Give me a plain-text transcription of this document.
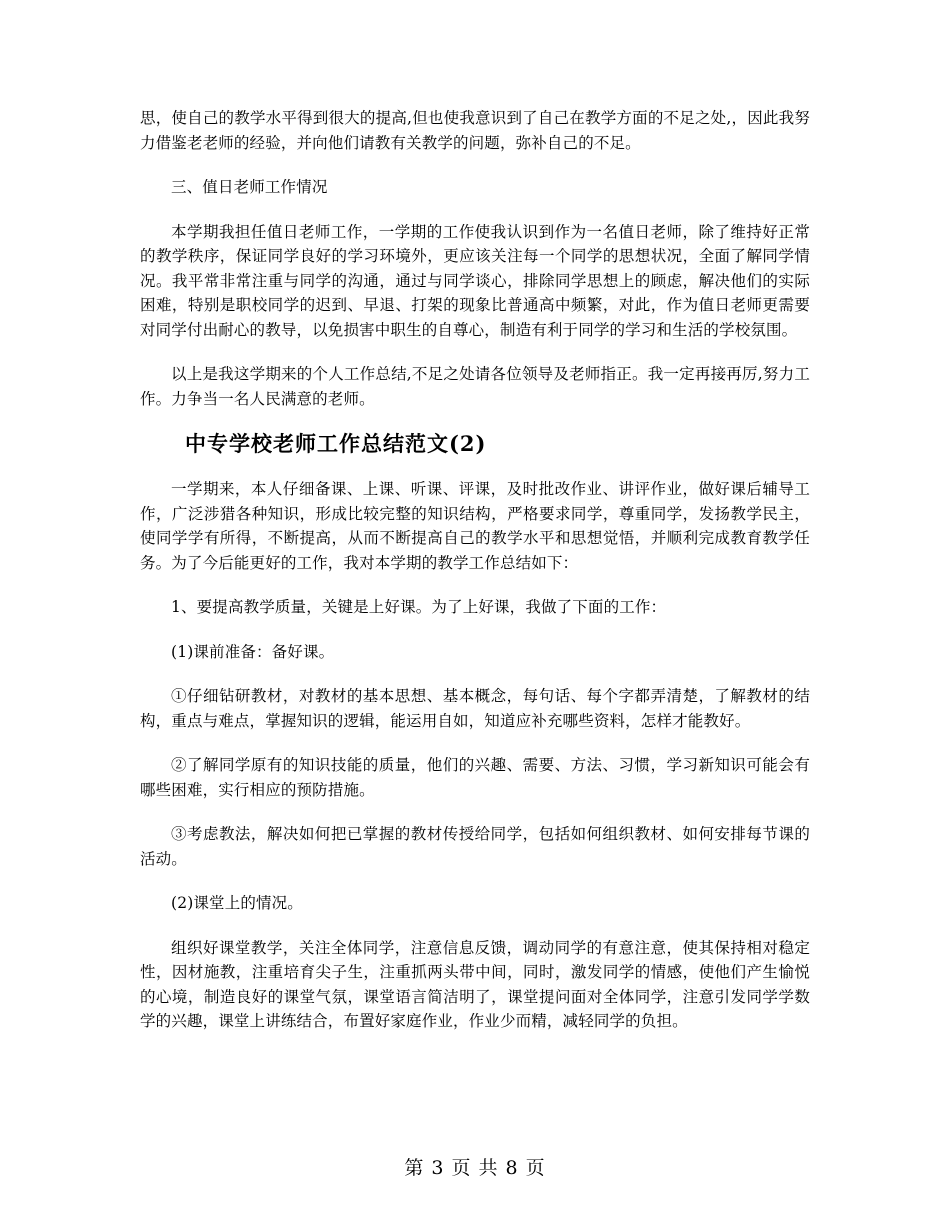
思，使自己的教学水平得到很大的提高,但也使我意识到了自己在教学方面的不足之处,，因此我努力借鉴老老师的经验，并向他们请教有关教学的问题，弥补自己的不足。

三、值日老师工作情况

本学期我担任值日老师工作，一学期的工作使我认识到作为一名值日老师，除了维持好正常的教学秩序，保证同学良好的学习环境外，更应该关注每一个同学的思想状况，全面了解同学情况。我平常非常注重与同学的沟通，通过与同学谈心，排除同学思想上的顾虑，解决他们的实际困难，特别是职校同学的迟到、早退、打架的现象比普通高中频繁，对此，作为值日老师更需要对同学付出耐心的教导，以免损害中职生的自尊心，制造有利于同学的学习和生活的学校氛围。

以上是我这学期来的个人工作总结,不足之处请各位领导及老师指正。我一定再接再厉,努力工作。力争当一名人民满意的老师。

中专学校老师工作总结范文(2)

一学期来，本人仔细备课、上课、听课、评课，及时批改作业、讲评作业，做好课后辅导工作，广泛涉猎各种知识，形成比较完整的知识结构，严格要求同学，尊重同学，发扬教学民主，使同学学有所得，不断提高，从而不断提高自己的教学水平和思想觉悟，并顺利完成教育教学任务。为了今后能更好的工作，我对本学期的教学工作总结如下：

1、要提高教学质量，关键是上好课。为了上好课，我做了下面的工作：

(1)课前准备：备好课。

①仔细钻研教材，对教材的基本思想、基本概念，每句话、每个字都弄清楚，了解教材的结构，重点与难点，掌握知识的逻辑，能运用自如，知道应补充哪些资料，怎样才能教好。

②了解同学原有的知识技能的质量，他们的兴趣、需要、方法、习惯，学习新知识可能会有哪些困难，实行相应的预防措施。

③考虑教法，解决如何把已掌握的教材传授给同学，包括如何组织教材、如何安排每节课的活动。

(2)课堂上的情况。

组织好课堂教学，关注全体同学，注意信息反馈，调动同学的有意注意，使其保持相对稳定性，因材施教，注重培育尖子生，注重抓两头带中间，同时，激发同学的情感，使他们产生愉悦的心境，制造良好的课堂气氛，课堂语言简洁明了，课堂提问面对全体同学，注意引发同学学数学的兴趣，课堂上讲练结合，布置好家庭作业，作业少而精，减轻同学的负担。

第 3 页 共 8 页
